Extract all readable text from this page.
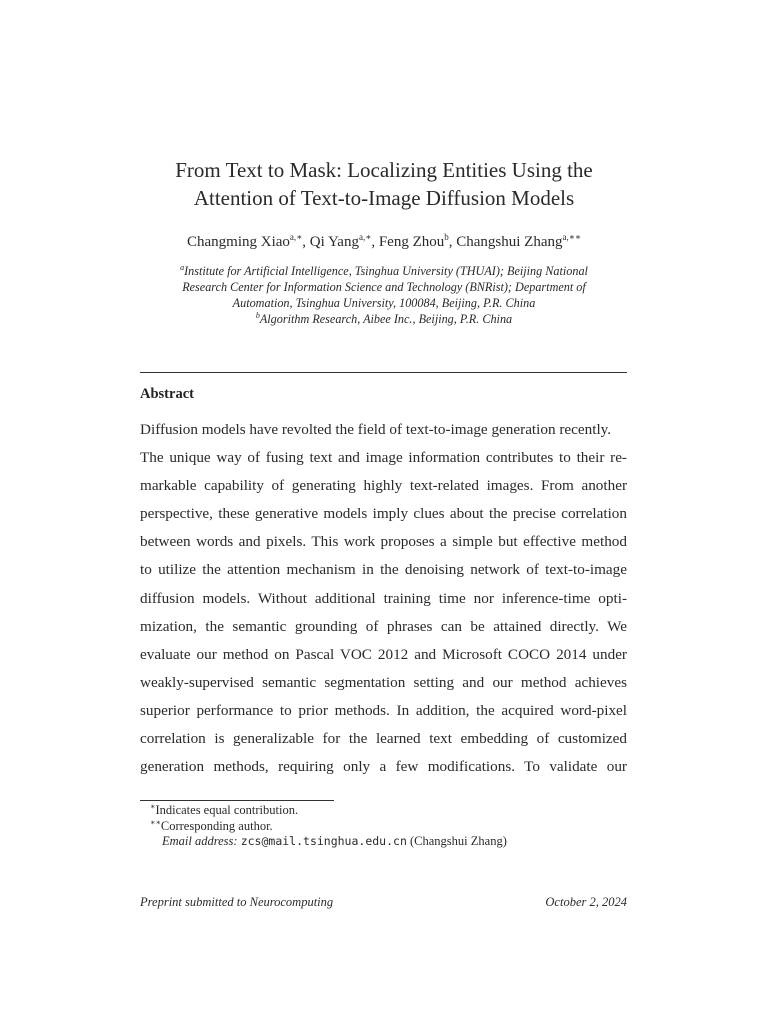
From Text to Mask: Localizing Entities Using the
Attention of Text-to-Image Diffusion Models
Changming Xiao$^{a,∗}$, Qi Yang$^{a,∗}$, Feng Zhou$^b$, Changshui Zhang$^{a,∗∗}$
$^a$Institute for Artificial Intelligence, Tsinghua University (THUAI); Beijing National
Research Center for Information Science and Technology (BNRist); Department of
Automation, Tsinghua University, 100084, Beijing, P.R. China
$^b$Algorithm Research, Aibee Inc., Beijing, P.R. China
Abstract
Diffusion models have revolted the field of text-to-image generation recently.
The unique way of fusing text and image information contributes to their re-
markable capability of generating highly text-related images. From another
perspective, these generative models imply clues about the precise correlation
between words and pixels. This work proposes a simple but effective method
to utilize the attention mechanism in the denoising network of text-to-image
diffusion models. Without additional training time nor inference-time opti-
mization, the semantic grounding of phrases can be attained directly. We
evaluate our method on Pascal VOC 2012 and Microsoft COCO 2014 under
weakly-supervised semantic segmentation setting and our method achieves
superior performance to prior methods. In addition, the acquired word-pixel
correlation is generalizable for the learned text embedding of customized
generation methods, requiring only a few modifications. To validate our
∗Indicates equal contribution.
∗∗Corresponding author.
Email address: zcs@mail.tsinghua.edu.cn (Changshui Zhang)
Preprint submitted to Neurocomputing	October 2, 2024
